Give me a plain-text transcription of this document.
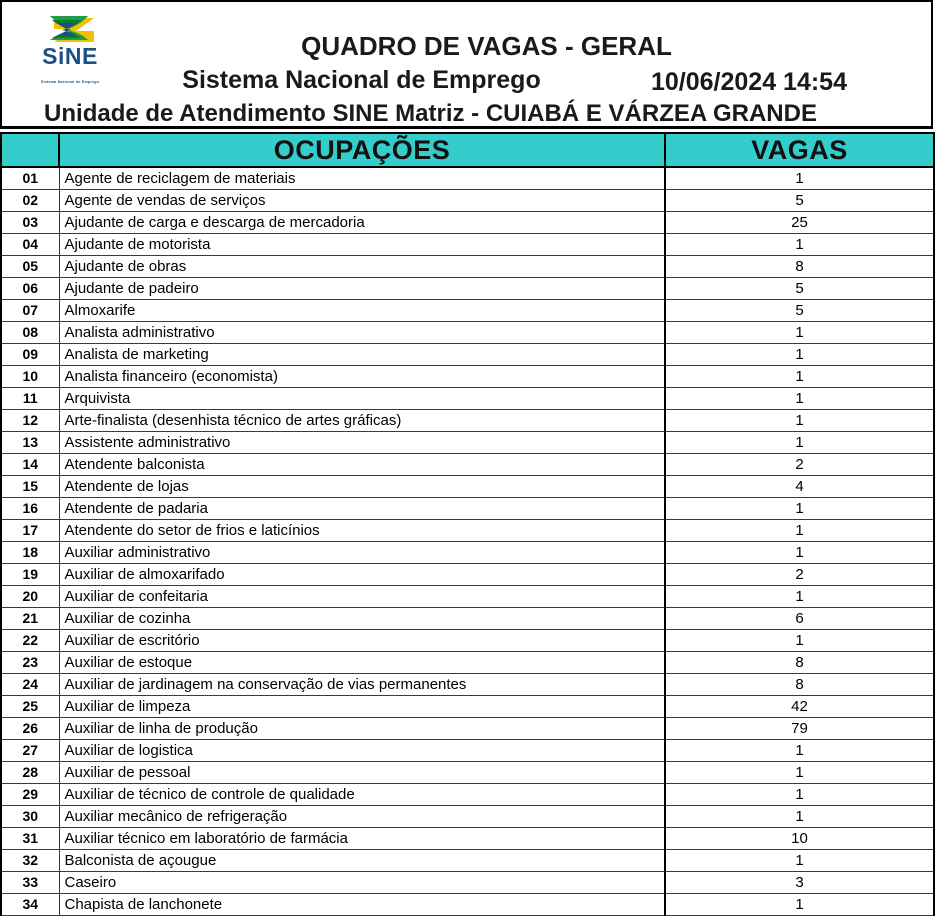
SiNE
Sistema Nacional de Emprego
QUADRO DE VAGAS - GERAL
Sistema Nacional de Emprego	10/06/2024 14:54
Unidade de Atendimento SINE Matriz - CUIABÁ E VÁRZEA GRANDE
	OCUPAÇÕES	VAGAS
01	Agente de reciclagem de materiais	1
02	Agente de vendas de serviços	5
03	Ajudante de carga e descarga de mercadoria	25
04	Ajudante de motorista	1
05	Ajudante de obras	8
06	Ajudante de padeiro	5
07	Almoxarife	5
08	Analista administrativo	1
09	Analista de marketing	1
10	Analista financeiro (economista)	1
11	Arquivista	1
12	Arte-finalista (desenhista técnico de artes gráficas)	1
13	Assistente administrativo	1
14	Atendente balconista	2
15	Atendente de lojas	4
16	Atendente de padaria	1
17	Atendente do setor de frios e laticínios	1
18	Auxiliar administrativo	1
19	Auxiliar de almoxarifado	2
20	Auxiliar de confeitaria	1
21	Auxiliar de cozinha	6
22	Auxiliar de escritório	1
23	Auxiliar de estoque	8
24	Auxiliar de jardinagem na conservação de vias permanentes	8
25	Auxiliar de limpeza	42
26	Auxiliar de linha de produção	79
27	Auxiliar de logistica	1
28	Auxiliar de pessoal	1
29	Auxiliar de técnico de controle de qualidade	1
30	Auxiliar mecânico de refrigeração	1
31	Auxiliar técnico em laboratório de farmácia	10
32	Balconista de açougue	1
33	Caseiro	3
34	Chapista de lanchonete	1
